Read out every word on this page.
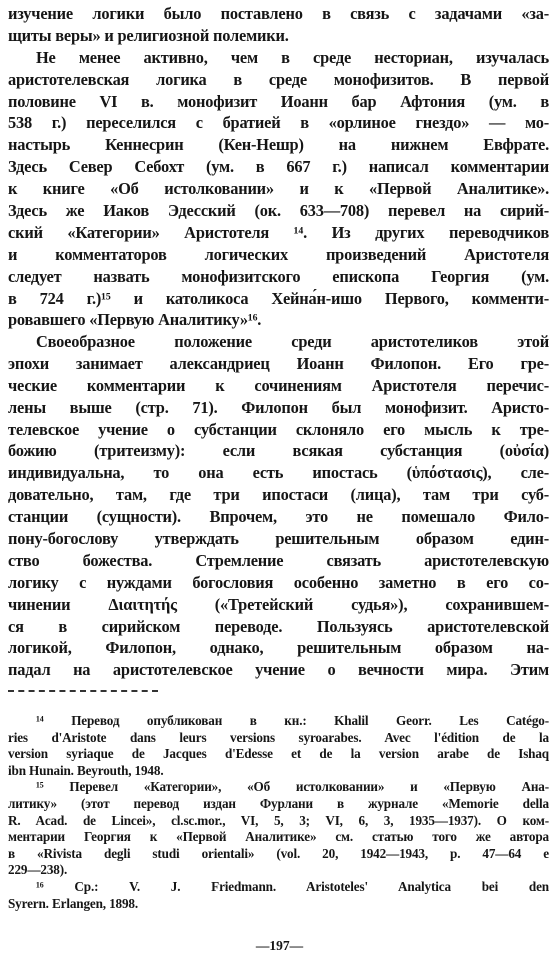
изучение логики было поставлено в связь с задачами «за-
щиты веры» и религиозной полемики.
Не менее активно, чем в среде несториан, изучалась
аристотелевская логика в среде монофизитов. В первой
половине VI в. монофизит Иоанн бар Афтония (ум. в
538 г.) переселился с братией в «орлиное гнездо» — мо-
настырь Кеннесрин (Кен-Нешр) на нижнем Евфрате.
Здесь Север Себохт (ум. в 667 г.) написал комментарии
к книге «Об истолковании» и к «Первой Аналитике».
Здесь же Иаков Эдесский (ок. 633—708) перевел на сирий-
ский «Категории» Аристотеля ¹⁴. Из других переводчиков
и комментаторов логических произведений Аристотеля
следует назвать монофизитского епископа Георгия (ум.
в 724 г.)¹⁵ и католикоса Хейна́н-ишо Первого, комменти-
ровавшего «Первую Аналитику»¹⁶.
Своеобразное положение среди аристотеликов этой
эпохи занимает александриец Иоанн Филопон. Его гре-
ческие комментарии к сочинениям Аристотеля перечис-
лены выше (стр. 71). Филопон был монофизит. Аристо-
телевское учение о субстанции склоняло его мысль к тре-
божию (тритеизму): если всякая субстанция (οὐσία)
индивидуальна, то она есть ипостась (ὑπόστασις), сле-
довательно, там, где три ипостаси (лица), там три суб-
станции (сущности). Впрочем, это не помешало Фило-
пону-богослову утверждать решительным образом един-
ство божества. Стремление связать аристотелевскую
логику с нуждами богословия особенно заметно в его со-
чинении Διαιτητής («Третейский судья»), сохранившем-
ся в сирийском переводе. Пользуясь аристотелевской
логикой, Филопон, однако, решительным образом на-
падал на аристотелевское учение о вечности мира. Этим
¹⁴ Перевод опубликован в кн.: Khalil Georr. Les Catégo-
ries d'Aristote dans leurs versions syroarabes. Avec l'édition de la
version syriaque de Jacques d'Edesse et de la version arabe de Ishaq
ibn Hunain. Beyrouth, 1948.
¹⁵ Перевел «Категории», «Об истолковании» и «Первую Ана-
литику» (этот перевод издан Фурлани в журнале «Memorie della
R. Acad. de Lincei», cl.sc.mor., VI, 5, 3; VI, 6, 3, 1935—1937). О ком-
ментарии Георгия к «Первой Аналитике» см. статью того же автора
в «Rivista degli studi orientali» (vol. 20, 1942—1943, p. 47—64 е
229—238).
¹⁶ Ср.: V. J. Friedmann. Aristoteles' Analytica bei den
Syrern. Erlangen, 1898.
—197—
